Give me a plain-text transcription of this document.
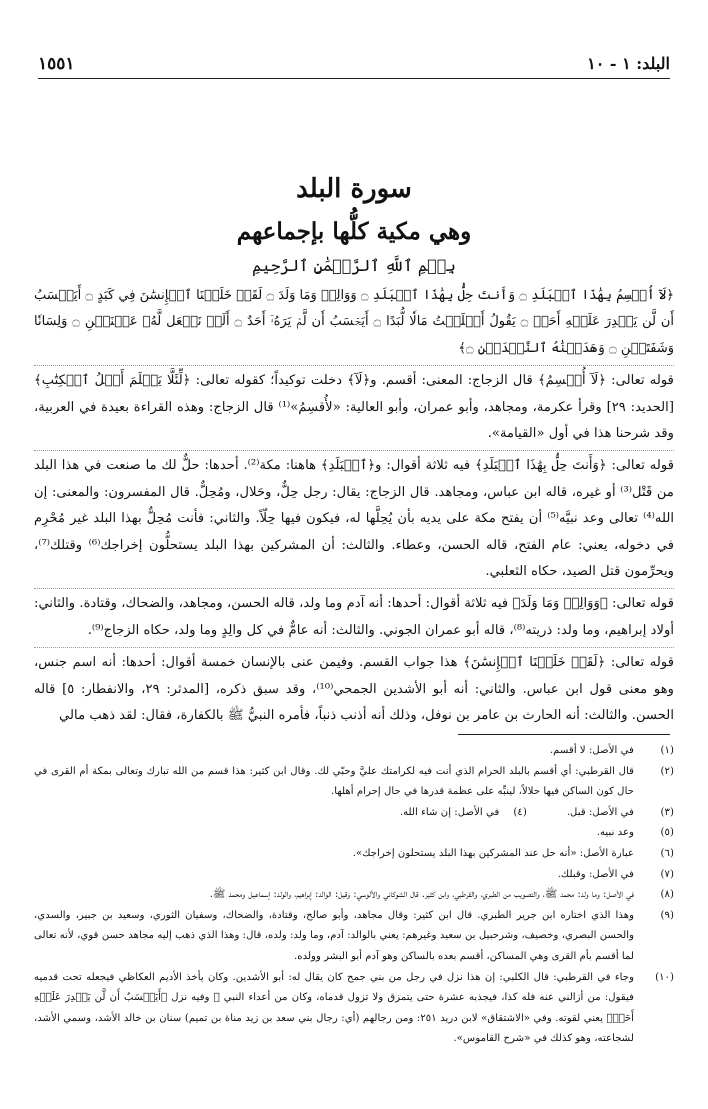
١٥٥١	البلد: ١ - ١٠
سورة البلد
وهي مكية كلُّها بإجماعهم
بِسۡمِ ٱللَّهِ ٱلرَّحۡمَٰنِ ٱلرَّحِيمِ

﴿لَآ أُقۡسِمُ بِهَٰذَا ٱلۡبَلَدِ ۝ وَأَنتَ حِلُّۢ بِهَٰذَا ٱلۡبَلَدِ ۝ وَوَالِدٖ وَمَا وَلَدَ ۝ لَقَدۡ خَلَقۡنَا ٱلۡإِنسَٰنَ فِي كَبَدٍ ۝ أَيَحۡسَبُ أَن لَّن يَقۡدِرَ عَلَيۡهِ أَحَدٞ ۝ يَقُولُ أَهۡلَكۡتُ مَالٗا لُّبَدًا ۝ أَيَحۡسَبُ أَن لَّمۡ يَرَهُۥٓ أَحَدٌ ۝ أَلَمۡ نَجۡعَل لَّهُۥ عَيۡنَيۡنِ ۝ وَلِسَانٗا وَشَفَتَيۡنِ ۝ وَهَدَيۡنَٰهُ ٱلنَّجۡدَيۡنِ ۝﴾

قوله تعالى: ﴿لَآ أُقۡسِمُ﴾ قال الزجاج: المعنى: أقسم. و﴿لَآ﴾ دخلت توكيداً؛ كقوله تعالى: ﴿لِّئَلَّا يَعۡلَمَ أَهۡلُ ٱلۡكِتَٰبِ﴾ [الحديد: ٢٩] وقرأ عكرمة، ومجاهد، وأبو عمران، وأبو العالية: «لأُقسِمُ»⁽¹⁾ قال الزجاج: وهذه القراءة بعيدة في العربية، وقد شرحنا هذا في أول «القيامة».

قوله تعالى: ﴿وَأَنتَ حِلُّۢ بِهَٰذَا ٱلۡبَلَدِ﴾ فيه ثلاثة أقوال: و﴿ٱلۡبَلَدِ﴾ هاهنا: مكة⁽²⁾. أحدها: حلٌّ لك ما صنعت في هذا البلد من قَتْل⁽³⁾ أو غيره، قاله ابن عباس، ومجاهد. قال الزجاج: يقال: رجل حِلٌّ، وحَلال، ومُحِلٌّ. قال المفسرون: والمعنى: إن الله⁽⁴⁾ تعالى وعد نبيَّه⁽⁵⁾ أن يفتح مكة على يديه بأن يُحِلَّها له، فيكون فيها حِلّاً. والثاني: فأنت مُحِلٌّ بهذا البلد غير مُحْرِم في دخوله، يعني: عام الفتح، قاله الحسن، وعطاء. والثالث: أن المشركين بهذا البلد يستحلُّون إخراجك⁽⁶⁾ وقتلك⁽⁷⁾، ويحرِّمون قتل الصيد، حكاه الثعلبي.

قوله تعالى: ﴿وَوَالِدٖ وَمَا وَلَدَ﴾ فيه ثلاثة أقوال: أحدها: أنه آدم وما ولد، قاله الحسن، ومجاهد، والضحاك، وقتادة. والثاني: أولاد إبراهيم، وما ولد: ذريته⁽⁸⁾، قاله أبو عمران الجوني. والثالث: أنه عامٌّ في كل والِدٍ وما ولد، حكاه الزجاج⁽⁹⁾.

قوله تعالى: ﴿لَقَدۡ خَلَقۡنَا ٱلۡإِنسَٰنَ﴾ هذا جواب القسم. وفيمن عنى بالإنسان خمسة أقوال: أحدها: أنه اسم جنس، وهو معنى قول ابن عباس. والثاني: أنه أبو الأشدين الجمحي⁽¹⁰⁾، وقد سبق ذكره، [المدثر: ٢٩، والانفطار: ٥] قاله الحسن. والثالث: أنه الحارث بن عامر بن نوفل، وذلك أنه أذنب ذنباً، فأمره النبيُّ ﷺ بالكفارة، فقال: لقد ذهب مالي

(١)
في الأصل: لا أقسم.
(٢)
قال القرطبي: أي أقسم بالبلد الحرام الذي أنت فيه لكرامتك عليَّ وحبّي لك. وقال ابن كثير: هذا قسم من الله تبارك وتعالى بمكة أم القرى في حال كون الساكن فيها حلالاً، لينبِّه على عظمة قدرها في حال إحرام أهلها.
(٣)
في الأصل: قبل.
(٤)
في الأصل: إن شاء الله.
(٥)
وعد نبيه.
(٦)
عبارة الأصل: «أنه حل عند المشركين بهذا البلد يستحلون إخراجك».
(٧)
في الأصل: وقبلك.
(٨)
في الأصل: وما ولد: محمد ﷺ، والتصويب من الطبري، والقرطبي، وابن كثير. قال الشوكاني والألوسي: وقيل: الوالد: إبراهيم، والولد: إسماعيل ومحمد ﷺ.
(٩)
وهذا الذي اختاره ابن جرير الطبري. قال ابن كثير: وقال مجاهد، وأبو صالح، وقتادة، والضحاك، وسفيان الثوري، وسعيد بن جبير، والسدي، والحسن البصري، وخصيف، وشرحبيل بن سعيد وغيرهم: يعني بالوالد: آدم، وما ولد: ولده، قال: وهذا الذي ذهب إليه مجاهد حسن قوي، لأنه تعالى لما أقسم بأم القرى وهي المساكن، أقسم بعده بالساكن وهو آدم أبو البشر وولده.
(١٠)
وجاء في القرطبي: قال الكلبي: إن هذا نزل في رجل من بني جمح كان يقال له: أبو الأشدين. وكان يأخذ الأديم العكاظي فيجعله تحت قدميه فيقول: من أزالني عنه فله كذا، فيجذبه عشرة حتى يتمزق ولا تزول قدماه، وكان من أعداء النبي ﷺ وفيه نزل ﴿أَيَحۡسَبُ أَن لَّن يَقۡدِرَ عَلَيۡهِ أَحَدٞ﴾ يعني لقوته. وفي «الاشتقاق» لابن دريد ٢٥١: ومن رجالهم (أي: رجال بني سعد بن زيد مناة بن تميم) سنان بن خالد الأشد، وسمي الأشد، لشجاعته، وهو كذلك في «شرح القاموس».
